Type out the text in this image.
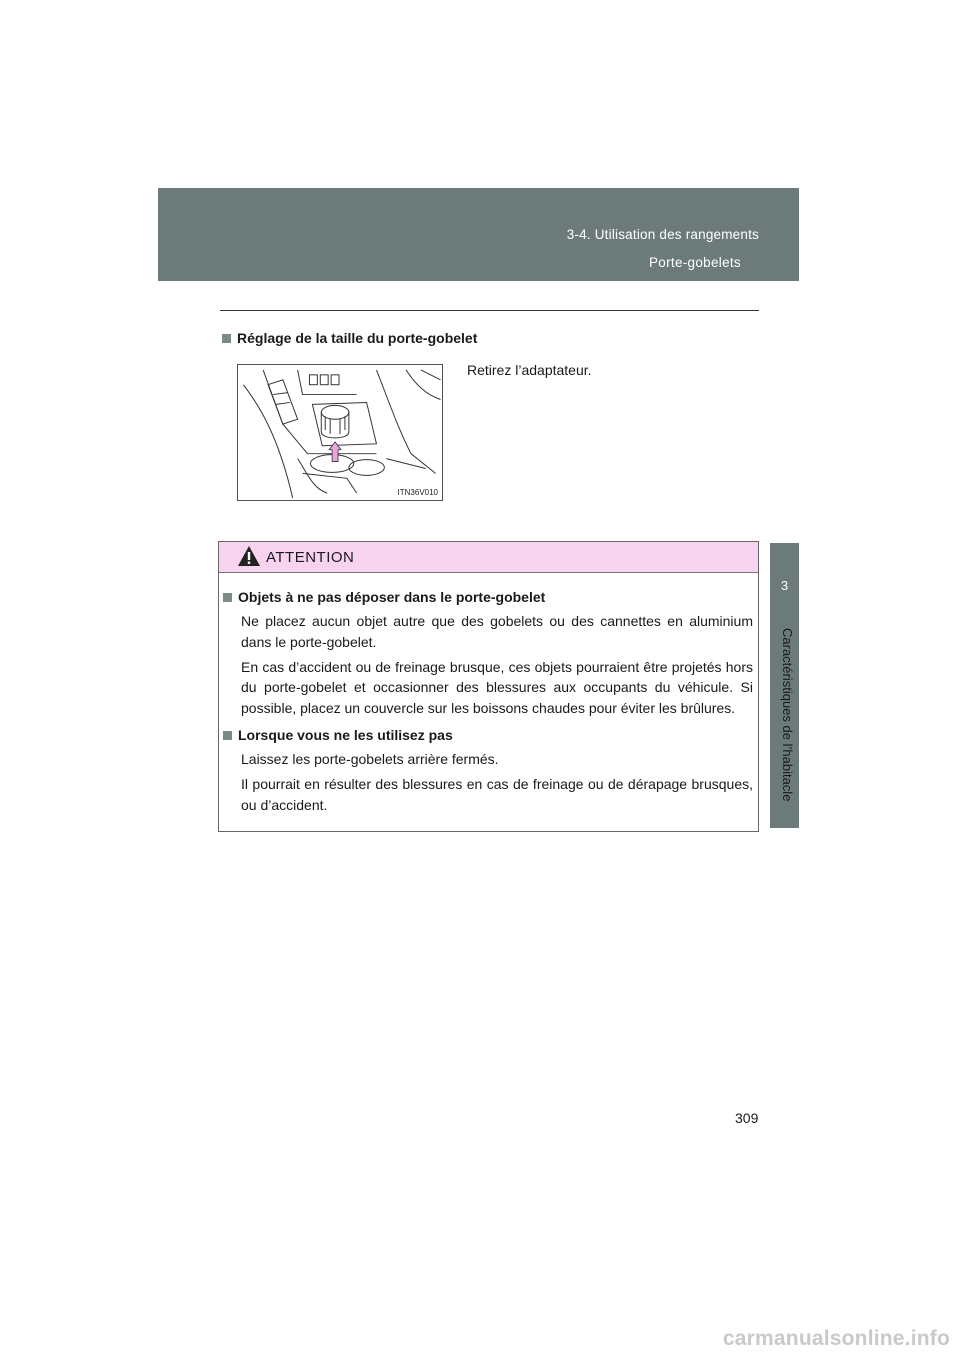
3-4. Utilisation des rangements
Porte-gobelets
3
Caractéristiques de l’habitacle
Réglage de la taille du porte-gobelet
ITN36V010
Retirez l’adaptateur.
ATTENTION
Objets à ne pas déposer dans le porte-gobelet

Ne placez aucun objet autre que des gobelets ou des cannettes en aluminium dans le porte-gobelet.

En cas d’accident ou de freinage brusque, ces objets pourraient être projetés hors du porte-gobelet et occasionner des blessures aux occupants du véhicule. Si possible, placez un couvercle sur les boissons chaudes pour éviter les brûlures.

Lorsque vous ne les utilisez pas

Laissez les porte-gobelets arrière fermés.

Il pourrait en résulter des blessures en cas de freinage ou de dérapage brusques, ou d’accident.

309
carmanualsonline.info
